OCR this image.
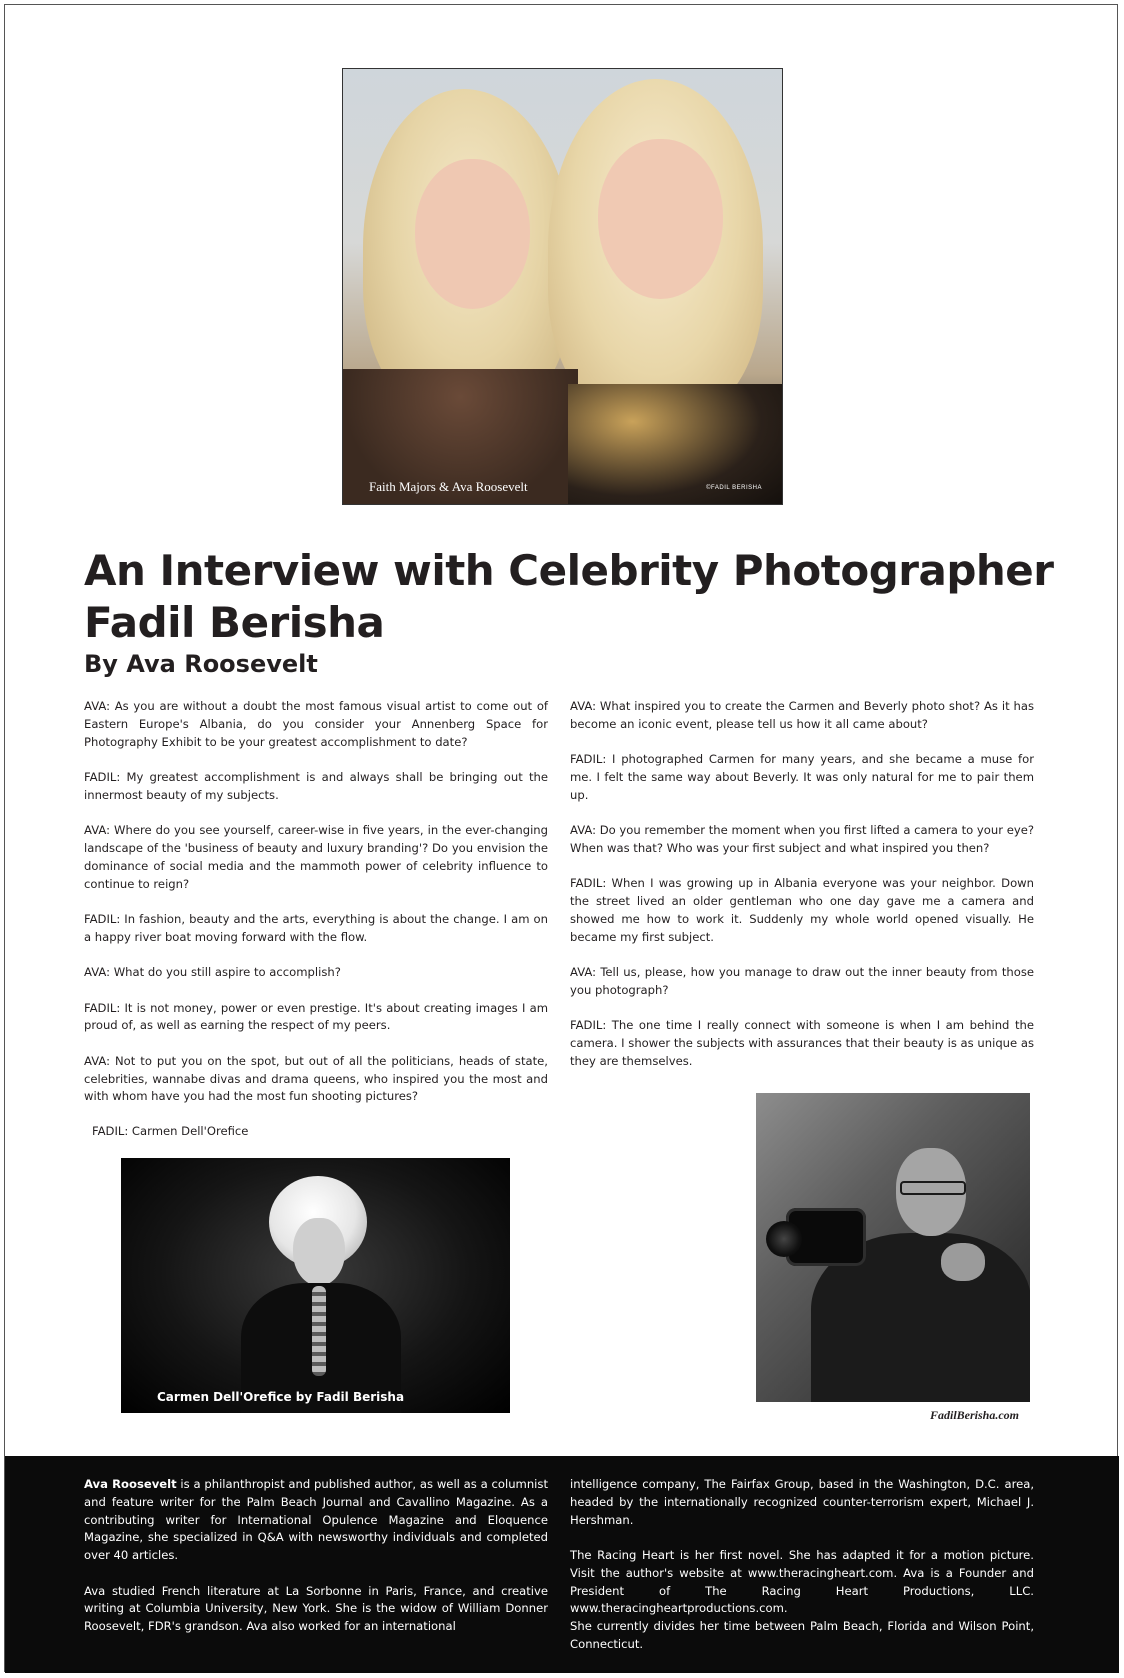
Faith Majors & Ava Roosevelt	©FADIL BERISHA
An Interview with Celebrity Photographer Fadil Berisha
By Ava Roosevelt

AVA: As you are without a doubt the most famous visual artist to come out of Eastern Europe's Albania, do you consider your Annenberg Space for Photography Exhibit to be your greatest accomplishment to date?

FADIL: My greatest accomplishment is and always shall be bringing out the innermost beauty of my subjects.

AVA: Where do you see yourself, career-wise in five years, in the ever-changing landscape of the 'business of beauty and luxury branding'? Do you envision the dominance of social media and the mammoth power of celebrity influence to continue to reign?

FADIL: In fashion, beauty and the arts, everything is about the change. I am on a happy river boat moving forward with the flow.

AVA: What do you still aspire to accomplish?

FADIL: It is not money, power or even prestige. It's about creating images I am proud of, as well as earning the respect of my peers.

AVA: Not to put you on the spot, but out of all the politicians, heads of state, celebrities, wannabe divas and drama queens, who inspired you the most and with whom have you had the most fun shooting pictures?

FADIL: Carmen Dell'Orefice

AVA: What inspired you to create the Carmen and Beverly photo shot? As it has become an iconic event, please tell us how it all came about?

FADIL: I photographed Carmen for many years, and she became a muse for me. I felt the same way about Beverly. It was only natural for me to pair them up.

AVA: Do you remember the moment when you first lifted a camera to your eye? When was that? Who was your first subject and what inspired you then?

FADIL: When I was growing up in Albania everyone was your neighbor. Down the street lived an older gentleman who one day gave me a camera and showed me how to work it. Suddenly my whole world opened visually. He became my first subject.

AVA: Tell us, please, how you manage to draw out the inner beauty from those you photograph?

FADIL: The one time I really connect with someone is when I am behind the camera. I shower the subjects with assurances that their beauty is as unique as they are themselves.

Carmen Dell'Orefice by Fadil Berisha
FadilBerisha.com

Ava Roosevelt is a philanthropist and published author, as well as a columnist and feature writer for the Palm Beach Journal and Cavallino Magazine. As a contributing writer for International Opulence Magazine and Eloquence Magazine, she specialized in Q&A with newsworthy individuals and completed over 40 articles.

Ava studied French literature at La Sorbonne in Paris, France, and creative writing at Columbia University, New York. She is the widow of William Donner Roosevelt, FDR's grandson. Ava also worked for an international

intelligence company, The Fairfax Group, based in the Washington, D.C. area, headed by the internationally recognized counter-terrorism expert, Michael J. Hershman.

The Racing Heart is her first novel. She has adapted it for a motion picture. Visit the author's website at www.theracingheart.com. Ava is a Founder and President of The Racing Heart Productions, LLC. www.theracingheartproductions.com.

She currently divides her time between Palm Beach, Florida and Wilson Point, Connecticut.
